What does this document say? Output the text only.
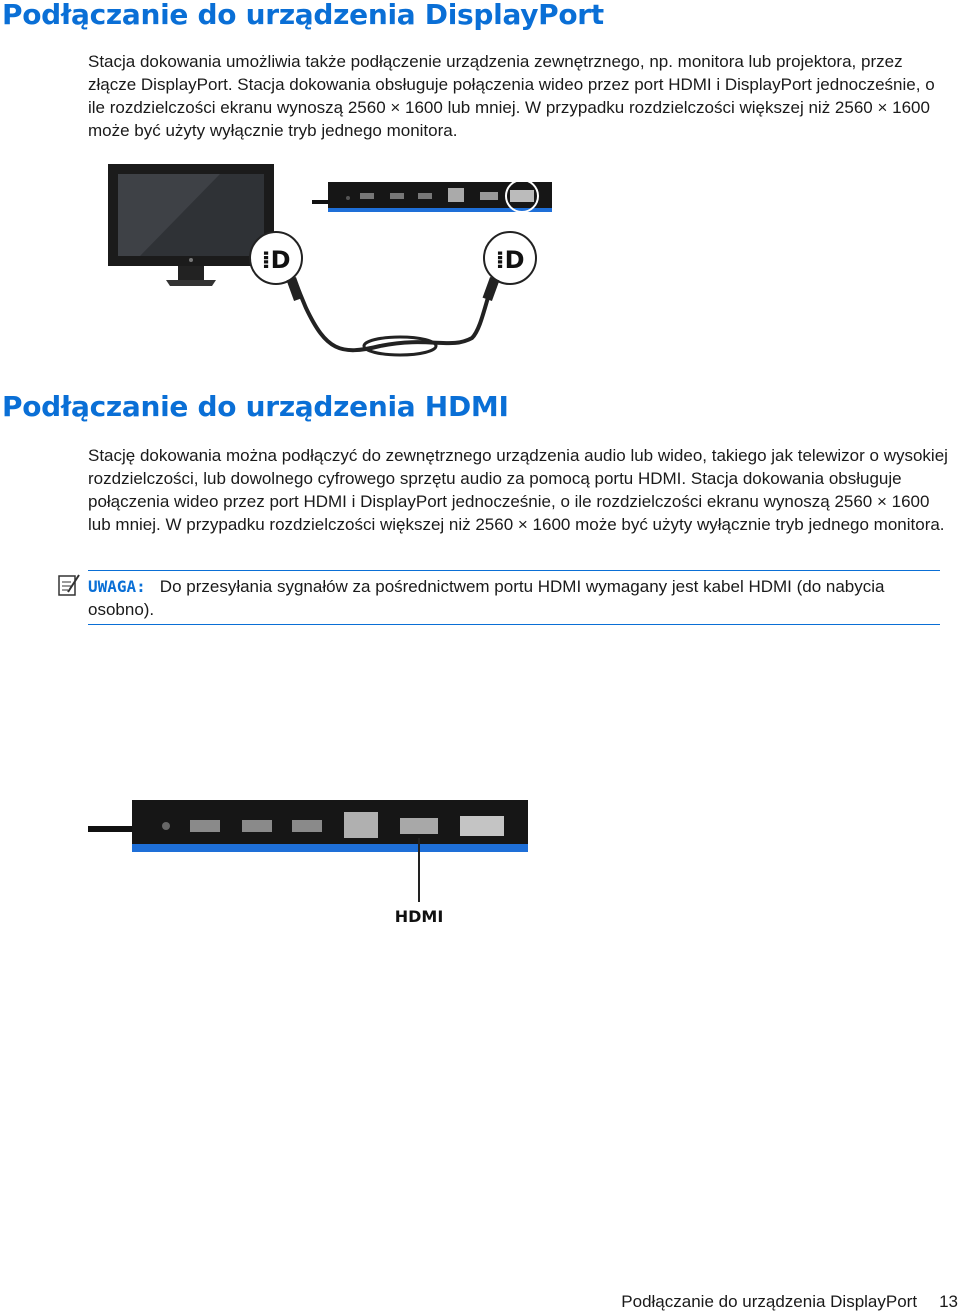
Podłączanie do urządzenia DisplayPort

Stacja dokowania umożliwia także podłączenie urządzenia zewnętrznego, np. monitora lub projektora, przez złącze DisplayPort. Stacja dokowania obsługuje połączenia wideo przez port HDMI i DisplayPort jednocześnie, o ile rozdzielczości ekranu wynoszą 2560 × 1600 lub mniej. W przypadku rozdzielczości większej niż 2560 × 1600 może być użyty wyłącznie tryb jednego monitora.

⁞D	⁞D
Podłączanie do urządzenia HDMI

Stację dokowania można podłączyć do zewnętrznego urządzenia audio lub wideo, takiego jak telewizor o wysokiej rozdzielczości, lub dowolnego cyfrowego sprzętu audio za pomocą portu HDMI. Stacja dokowania obsługuje połączenia wideo przez port HDMI i DisplayPort jednocześnie, o ile rozdzielczości ekranu wynoszą 2560 × 1600 lub mniej. W przypadku rozdzielczości większej niż 2560 × 1600 może być użyty wyłącznie tryb jednego monitora.

UWAGA: Do przesyłania sygnałów za pośrednictwem portu HDMI wymagany jest kabel HDMI (do nabycia osobno).
HDMI
Podłączanie do urządzenia DisplayPort 13
